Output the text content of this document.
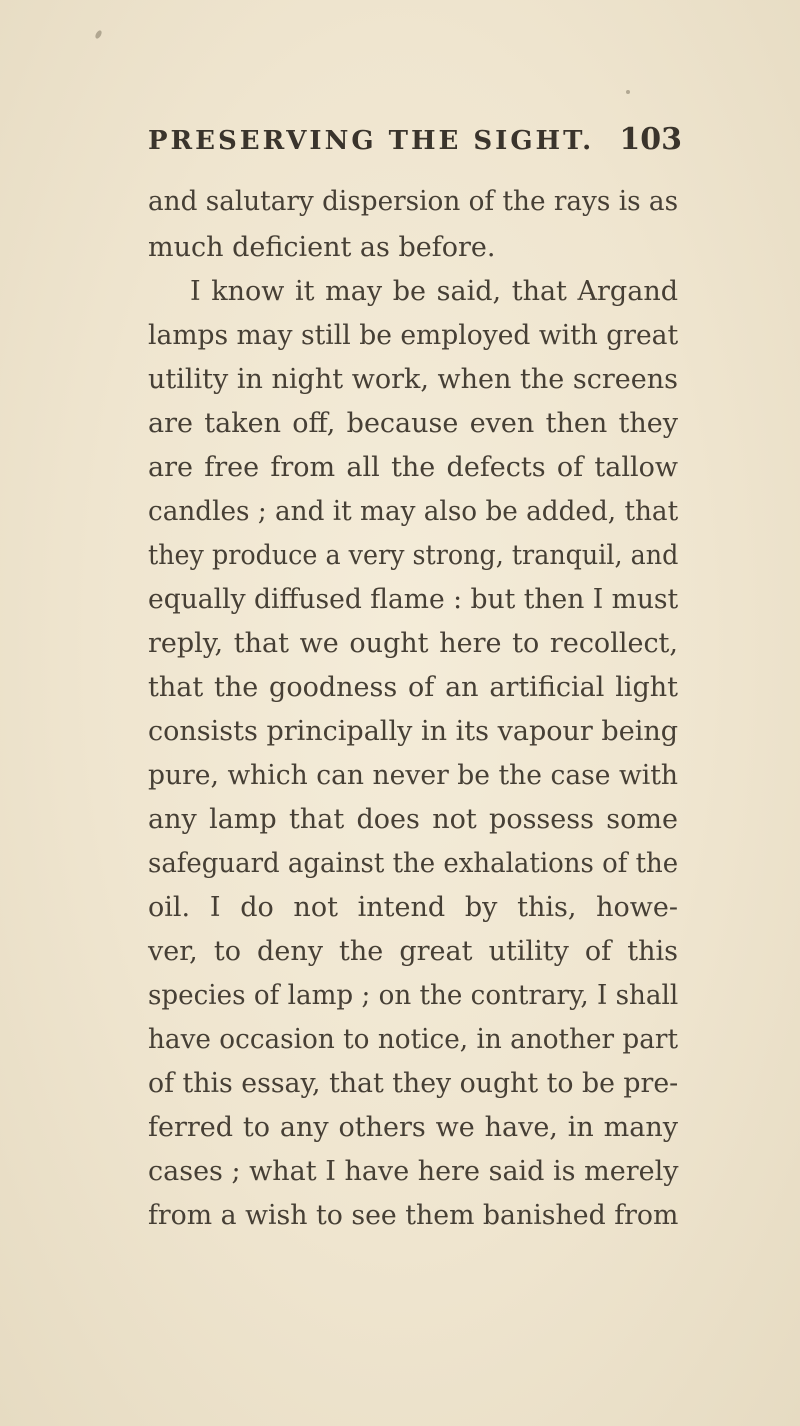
PRESERVING THE SIGHT. 103
and salutary dispersion of the rays is as
much deficient as before.
I know it may be said, that Argand
lamps may still be employed with great
utility in night work, when the screens
are taken off, because even then they
are free from all the defects of tallow
candles ; and it may also be added, that
they produce a very strong, tranquil, and
equally diffused flame : but then I must
reply, that we ought here to recollect,
that the goodness of an artificial light
consists principally in its vapour being
pure, which can never be the case with
any lamp that does not possess some
safeguard against the exhalations of the
oil. I do not intend by this, howe-
ver, to deny the great utility of this
species of lamp ; on the contrary, I shall
have occasion to notice, in another part
of this essay, that they ought to be pre-
ferred to any others we have, in many
cases ; what I have here said is merely
from a wish to see them banished from
